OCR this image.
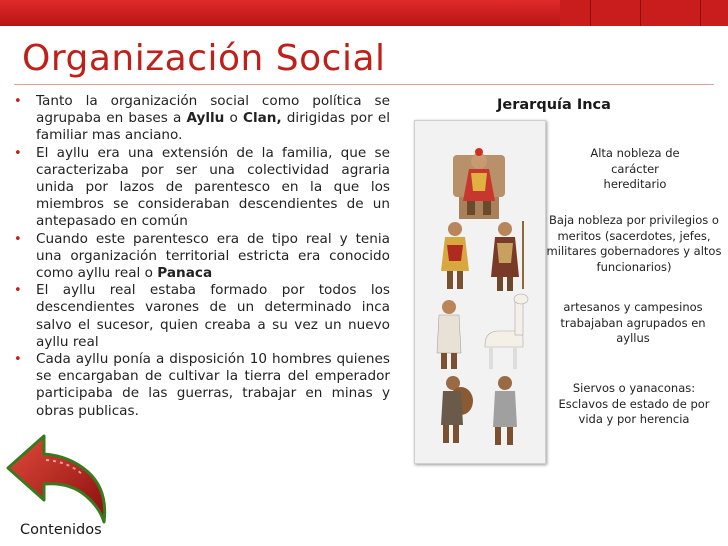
Organización Social
• Tanto la organización social como política se agrupaba en bases a Ayllu o Clan, dirigidas por el familiar mas anciano.
• El ayllu era una extensión de la familia, que se caracterizaba por ser una colectividad agraria unida por lazos de parentesco en la que los miembros se consideraban descendientes de un antepasado en común
• Cuando este parentesco era de tipo real y tenia una organización territorial estricta era conocido como ayllu real o Panaca
• El ayllu real estaba formado por todos los descendientes varones de un determinado inca salvo el sucesor, quien creaba a su vez un nuevo ayllu real
• Cada ayllu ponía a disposición 10 hombres quienes se encargaban de cultivar la tierra del emperador participaba de las guerras, trabajar en minas y obras publicas.
Jerarquía Inca
Alta nobleza de carácter hereditario
Baja nobleza por privilegios o meritos (sacerdotes, jefes, militares gobernadores y altos funcionarios)
artesanos y campesinos trabajaban agrupados en ayllus
Siervos o yanaconas: Esclavos de estado de por vida y por herencia
Contenidos
